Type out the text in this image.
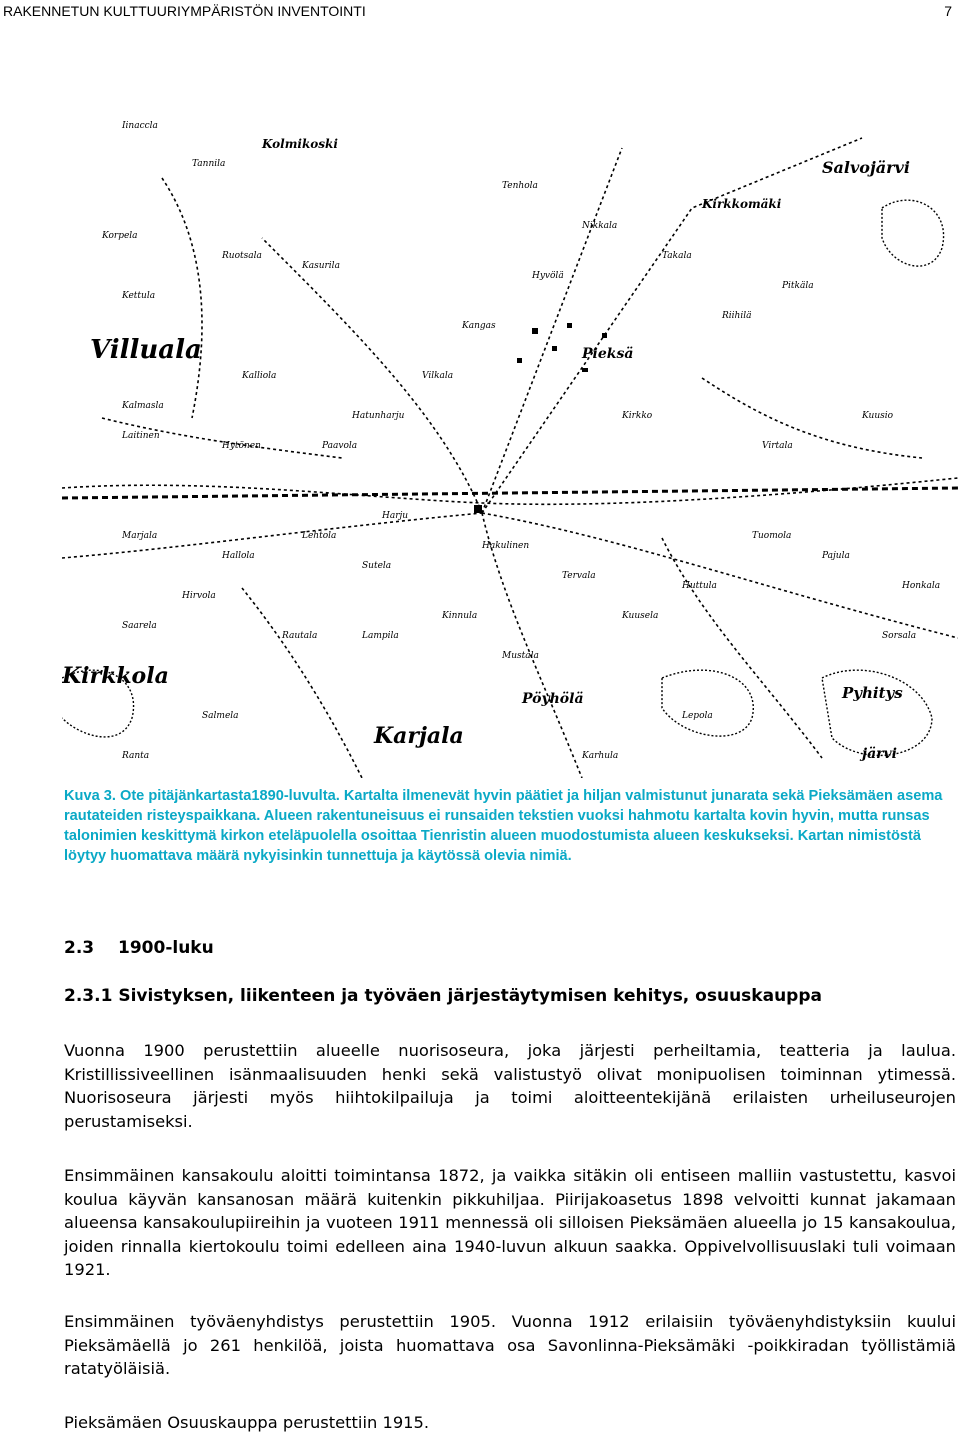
RAKENNETUN KULTTUURIYMPÄRISTÖN INVENTOINTI	7
Villuala
Kirkkola
Karjala
Pieksä
Salvojärvi
Pyhitys
järvi
Pöyhölä
Kirkkomäki
Kolmikoski
Iinaccla
Tannila
Korpela
Ruotsala
Kasurila
Kettula
Kalliola
Kalmasla
Hatunharju
Laitinen
Hytönen	Paavola
Harju
Marjala
Hallola
Lehtola
Sutela
Hakulinen
Tervala
Kuusela
Hirvola
Saarela
Rautala	Lampila
Kinnula
Mustala
Huttula
Tuomola
Pajula
Virtala
Kuusio
Riihilä
Pitkäla
Takala
Nikkala
Tenhola
Hyvölä
Kangas
Vilkala
Kirkko
Lepola
Karhula
Salmela
Ranta
Honkala
Sorsala
Kuva 3. Ote pitäjänkartasta1890-luvulta. Kartalta ilmenevät hyvin päätiet ja hiljan valmistunut junarata sekä Pieksämäen asema rautateiden risteyspaikkana. Alueen rakentuneisuus ei runsaiden tekstien vuoksi hahmotu kartalta kovin hyvin, mutta runsas talonimien keskittymä kirkon eteläpuolella osoittaa Tienristin alueen muodostumista alueen keskukseksi. Kartan nimistöstä löytyy huomattava määrä nykyisinkin tunnettuja ja käytössä olevia nimiä.
2.3 1900-luku
2.3.1 Sivistyksen, liikenteen ja työväen järjestäytymisen kehitys, osuuskauppa
Vuonna 1900 perustettiin alueelle nuorisoseura, joka järjesti perheiltamia, teatteria ja laulua. Kristillissiveellinen isänmaalisuuden henki sekä valistustyö olivat monipuolisen toiminnan ytimessä. Nuorisoseura järjesti myös hiihtokilpailuja ja toimi aloitteentekijänä erilaisten urheiluseurojen perustamiseksi.
Ensimmäinen kansakoulu aloitti toimintansa 1872, ja vaikka sitäkin oli entiseen malliin vastustettu, kasvoi koulua käyvän kansanosan määrä kuitenkin pikkuhiljaa. Piirijakoasetus 1898 velvoitti kunnat jakamaan alueensa kansakoulupiireihin ja vuoteen 1911 mennessä oli silloisen Pieksämäen alueella jo 15 kansakoulua, joiden rinnalla kiertokoulu toimi edelleen aina 1940-luvun alkuun saakka. Oppivelvollisuuslaki tuli voimaan 1921.
Ensimmäinen työväenyhdistys perustettiin 1905. Vuonna 1912 erilaisiin työväenyhdistyksiin kuului Pieksämäellä jo 261 henkilöä, joista huomattava osa Savonlinna-Pieksämäki -poikkiradan työllistämiä ratatyöläisiä.
Pieksämäen Osuuskauppa perustettiin 1915.
